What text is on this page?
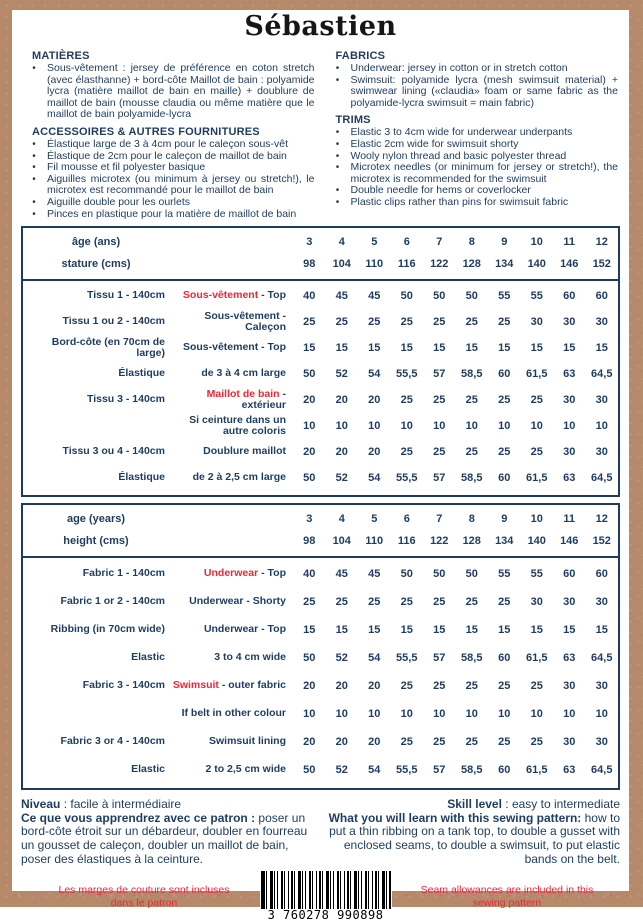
Sébastien
MATIÈRES
•	Sous-vêtement : jersey de préférence en coton stretch (avec élasthanne) + bord-côte Maillot de bain : polyamide lycra (matière maillot de bain en maille) + doublure de maillot de bain (mousse claudia ou même matière que le maillot de bain polyamide-lycra
ACCESSOIRES & AUTRES FOURNITURES
•	Élastique large de 3 à 4cm pour le caleçon sous-vêt
•	Élastique de 2cm pour le caleçon de maillot de bain
•	Fil mousse et fil polyester basique
•	Aiguilles microtex (ou minimum à jersey ou stretch!), le microtex est recommandé pour le maillot de bain
•	Aiguille double pour les ourlets
•	Pinces en plastique pour la matière de maillot de bain
FABRICS
•	Underwear: jersey in cotton or in stretch cotton
•	Swimsuit: polyamide lycra (mesh swimsuit material) + swimwear lining («claudia» foam or same fabric as the polyamide-lycra swimsuit = main fabric)
TRIMS
•	Elastic 3 to 4cm wide for underwear underpants
•	Elastic 2cm wide for swimsuit shorty
•	Wooly nylon thread and basic polyester thread
•	Microtex needles (or minimum for jersey or stretch!), the microtex is recommended for the swimsuit
•	Double needle for hems or coverlocker
•	Plastic clips rather than pins for swimsuit fabric
âge (ans)	3	4	5	6	7	8	9	10	11	12
stature (cms)	98	104	110	116	122	128	134	140	146	152
Tissu 1 - 140cm	Sous-vêtement - Top	40	45	45	50	50	50	55	55	60	60
Tissu 1 ou 2 - 140cm	Sous-vêtement - Caleçon	25	25	25	25	25	25	25	30	30	30
Bord-côte (en 70cm de large)	Sous-vêtement - Top	15	15	15	15	15	15	15	15	15	15
Élastique	de 3 à 4 cm large	50	52	54	55,5	57	58,5	60	61,5	63	64,5
Tissu 3 - 140cm	Maillot de bain - extérieur	20	20	20	25	25	25	25	25	30	30
Si ceinture dans un autre coloris	10	10	10	10	10	10	10	10	10	10
Tissu 3 ou 4 - 140cm	Doublure maillot	20	20	20	25	25	25	25	25	30	30
Élastique	de 2 à 2,5 cm large	50	52	54	55,5	57	58,5	60	61,5	63	64,5
age (years)	3	4	5	6	7	8	9	10	11	12
height (cms)	98	104	110	116	122	128	134	140	146	152
Fabric 1 - 140cm	Underwear - Top	40	45	45	50	50	50	55	55	60	60
Fabric 1 or 2 - 140cm	Underwear - Shorty	25	25	25	25	25	25	25	30	30	30
Ribbing (in 70cm wide)	Underwear - Top	15	15	15	15	15	15	15	15	15	15
Elastic	3 to 4 cm wide	50	52	54	55,5	57	58,5	60	61,5	63	64,5
Fabric 3 - 140cm Swimsuit - outer fabric	20	20	20	25	25	25	25	25	30	30
If belt in other colour	10	10	10	10	10	10	10	10	10	10
Fabric 3 or 4 - 140cm	Swimsuit lining	20	20	20	25	25	25	25	25	30	30
Elastic	2 to 2,5 cm wide	50	52	54	55,5	57	58,5	60	61,5	63	64,5

Niveau : facile à intermédiaire
Ce que vous apprendrez avec ce patron : poser un bord-côte étroit sur un débardeur, doubler en fourreau un gousset de caleçon, doubler un maillot de bain, poser des élastiques à la ceinture.

Skill level : easy to intermediate
What you will learn with this sewing pattern: how to put a thin ribbing on a tank top, to double a gusset with enclosed seams, to double a swimsuit, to put elastic bands on the belt.

Les marges de couture sont incluses dans le patron
3 760278 990898
Seam allowances are included in this sewing pattern
